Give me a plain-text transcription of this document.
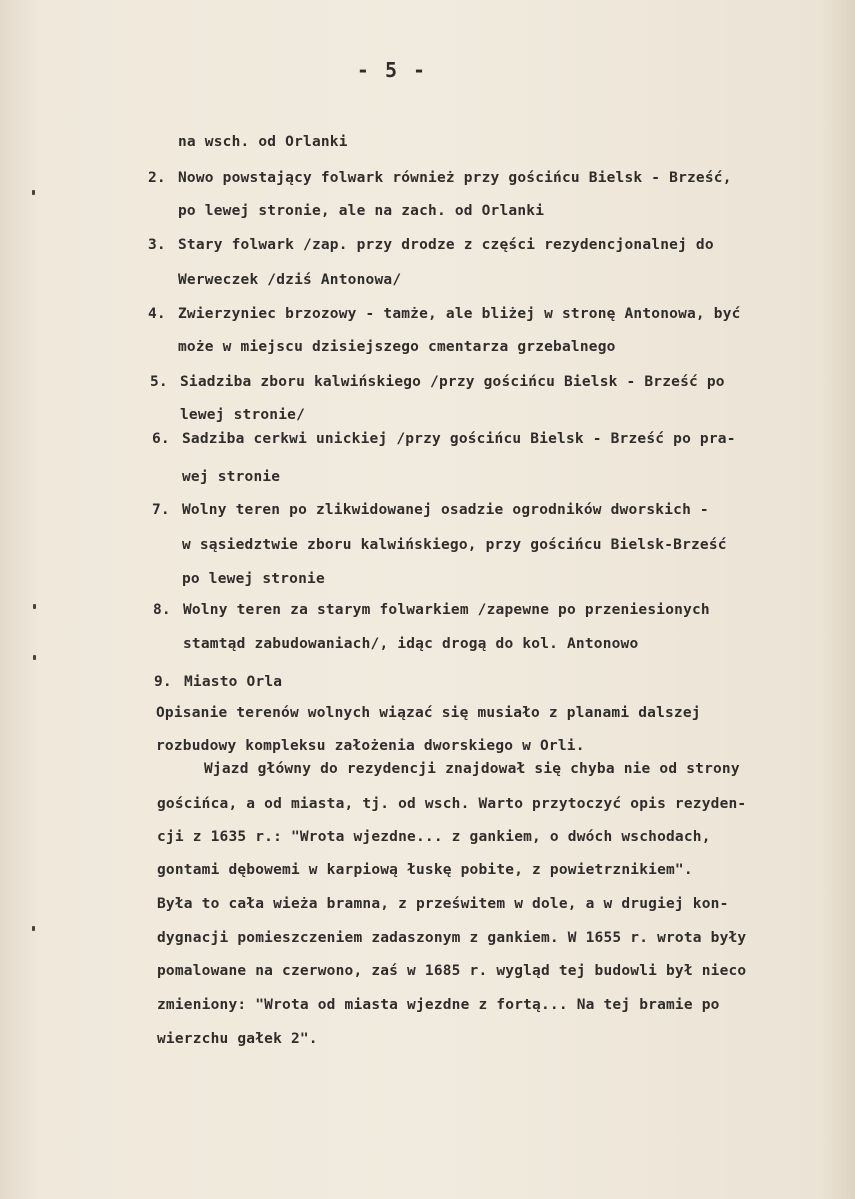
- 5 -
na wsch. od Orlanki
2. Nowo powstający folwark również przy gościńcu Bielsk - Brześć,
po lewej stronie, ale na zach. od Orlanki
3. Stary folwark /zap. przy drodze z części rezydencjonalnej do
Werweczek /dziś Antonowa/
4. Zwierzyniec brzozowy - tamże, ale bliżej w stronę Antonowa, być
może w miejscu dzisiejszego cmentarza grzebalnego
5. Siadziba zboru kalwińskiego /przy gościńcu Bielsk - Brześć po
lewej stronie/
6. Sadziba cerkwi unickiej /przy gościńcu Bielsk - Brześć po pra-
wej stronie
7. Wolny teren po zlikwidowanej osadzie ogrodników dworskich -
w sąsiedztwie zboru kalwińskiego, przy gościńcu Bielsk-Brześć
po lewej stronie
8. Wolny teren za starym folwarkiem /zapewne po przeniesionych
stamtąd zabudowaniach/, idąc drogą do kol. Antonowo
9. Miasto Orla
Opisanie terenów wolnych wiązać się musiało z planami dalszej
rozbudowy kompleksu założenia dworskiego w Orli.
Wjazd główny do rezydencji znajdował się chyba nie od strony
gościńca, a od miasta, tj. od wsch. Warto przytoczyć opis rezyden-
cji z 1635 r.: "Wrota wjezdne... z gankiem, o dwóch wschodach,
gontami dębowemi w karpiową łuskę pobite, z powietrznikiem".
Była to cała wieża bramna, z prześwitem w dole, a w drugiej kon-
dygnacji pomieszczeniem zadaszonym z gankiem. W 1655 r. wrota były
pomalowane na czerwono, zaś w 1685 r. wygląd tej budowli był nieco
zmieniony: "Wrota od miasta wjezdne z fortą... Na tej bramie po
wierzchu gałek 2".
